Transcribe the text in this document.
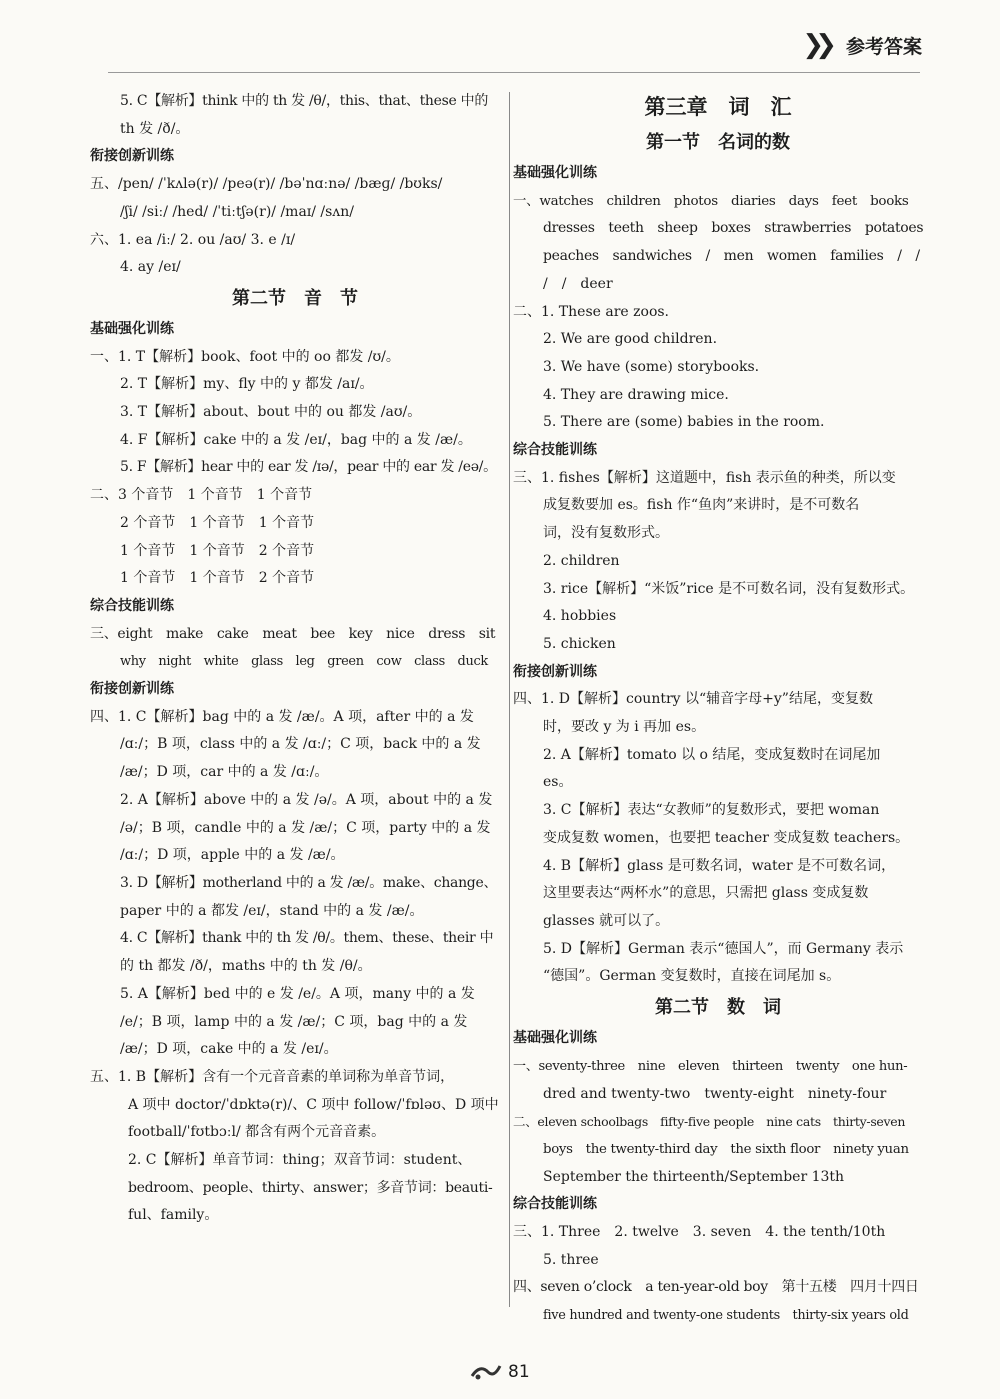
❯❯ 参考答案
5. C【解析】think 中的 th 发 /θ/，this、that、these 中的
th 发 /ð/。
衔接创新训练
五、/pen/ /ˈkʌlə(r)/ /peə(r)/ /bəˈnɑːnə/ /bæɡ/ /bʊks/
/ʃi/ /siː/ /hed/ /ˈtiːtʃə(r)/ /maɪ/ /sʌn/
六、1. ea /iː/ 2. ou /aʊ/ 3. e /ɪ/
4. ay /eɪ/
第二节　音　节
基础强化训练
一、1. T【解析】book、foot 中的 oo 都发 /ʊ/。
2. T【解析】my、fly 中的 y 都发 /aɪ/。
3. T【解析】about、bout 中的 ou 都发 /aʊ/。
4. F【解析】cake 中的 a 发 /eɪ/，bag 中的 a 发 /æ/。
5. F【解析】hear 中的 ear 发 /ɪə/，pear 中的 ear 发 /eə/。
二、3 个音节　1 个音节　1 个音节
2 个音节　1 个音节　1 个音节
1 个音节　1 个音节　2 个音节
1 个音节　1 个音节　2 个音节
综合技能训练
三、eight　make　cake　meat　bee　key　nice　dress　sit
why　night　white　glass　leg　green　cow　class　duck
衔接创新训练
四、1. C【解析】bag 中的 a 发 /æ/。A 项，after 中的 a 发
/ɑː/；B 项，class 中的 a 发 /ɑː/；C 项，back 中的 a 发
/æ/；D 项，car 中的 a 发 /ɑː/。
2. A【解析】above 中的 a 发 /ə/。A 项，about 中的 a 发
/ə/；B 项，candle 中的 a 发 /æ/；C 项，party 中的 a 发
/ɑː/；D 项，apple 中的 a 发 /æ/。
3. D【解析】motherland 中的 a 发 /æ/。make、change、
paper 中的 a 都发 /eɪ/，stand 中的 a 发 /æ/。
4. C【解析】thank 中的 th 发 /θ/。them、these、their 中
的 th 都发 /ð/，maths 中的 th 发 /θ/。
5. A【解析】bed 中的 e 发 /e/。A 项，many 中的 a 发
/e/；B 项，lamp 中的 a 发 /æ/；C 项，bag 中的 a 发
/æ/；D 项，cake 中的 a 发 /eɪ/。
五、1. B【解析】含有一个元音音素的单词称为单音节词，
A 项中 doctor/ˈdɒktə(r)/、C 项中 follow/ˈfɒləʊ、D 项中
football/ˈfʊtbɔːl/ 都含有两个元音音素。
2. C【解析】单音节词：thing；双音节词：student、
bedroom、people、thirty、answer；多音节词：beauti-
ful、family。
第三章　词　汇
第一节　名词的数
基础强化训练
一、watches　children　photos　diaries　days　feet　books
dresses　teeth　sheep　boxes　strawberries　potatoes
peaches　sandwiches　/　men　women　families　/　/
/　/　deer
二、1. These are zoos.
2. We are good children.
3. We have (some) storybooks.
4. They are drawing mice.
5. There are (some) babies in the room.
综合技能训练
三、1. fishes【解析】这道题中，fish 表示鱼的种类，所以变
成复数要加 es。fish 作“鱼肉”来讲时，是不可数名
词，没有复数形式。
2. children
3. rice【解析】“米饭”rice 是不可数名词，没有复数形式。
4. hobbies
5. chicken
衔接创新训练
四、1. D【解析】country 以“辅音字母+y”结尾，变复数
时，要改 y 为 i 再加 es。
2. A【解析】tomato 以 o 结尾，变成复数时在词尾加
es。
3. C【解析】表达“女教师”的复数形式，要把 woman
变成复数 women，也要把 teacher 变成复数 teachers。
4. B【解析】glass 是可数名词，water 是不可数名词，
这里要表达“两杯水”的意思，只需把 glass 变成复数
glasses 就可以了。
5. D【解析】German 表示“德国人”，而 Germany 表示
“德国”。German 变复数时，直接在词尾加 s。
第二节　数　词
基础强化训练
一、seventy-three　nine　eleven　thirteen　twenty　one hun-
dred and twenty-two　twenty-eight　ninety-four
二、eleven schoolbags　fifty-five people　nine cats　thirty-seven
boys　the twenty-third day　the sixth floor　ninety yuan
September the thirteenth/September 13th
综合技能训练
三、1. Three　2. twelve　3. seven　4. the tenth/10th
5. three
四、seven o’clock　a ten-year-old boy　第十五楼　四月十四日
five hundred and twenty-one students　thirty-six years old
81
